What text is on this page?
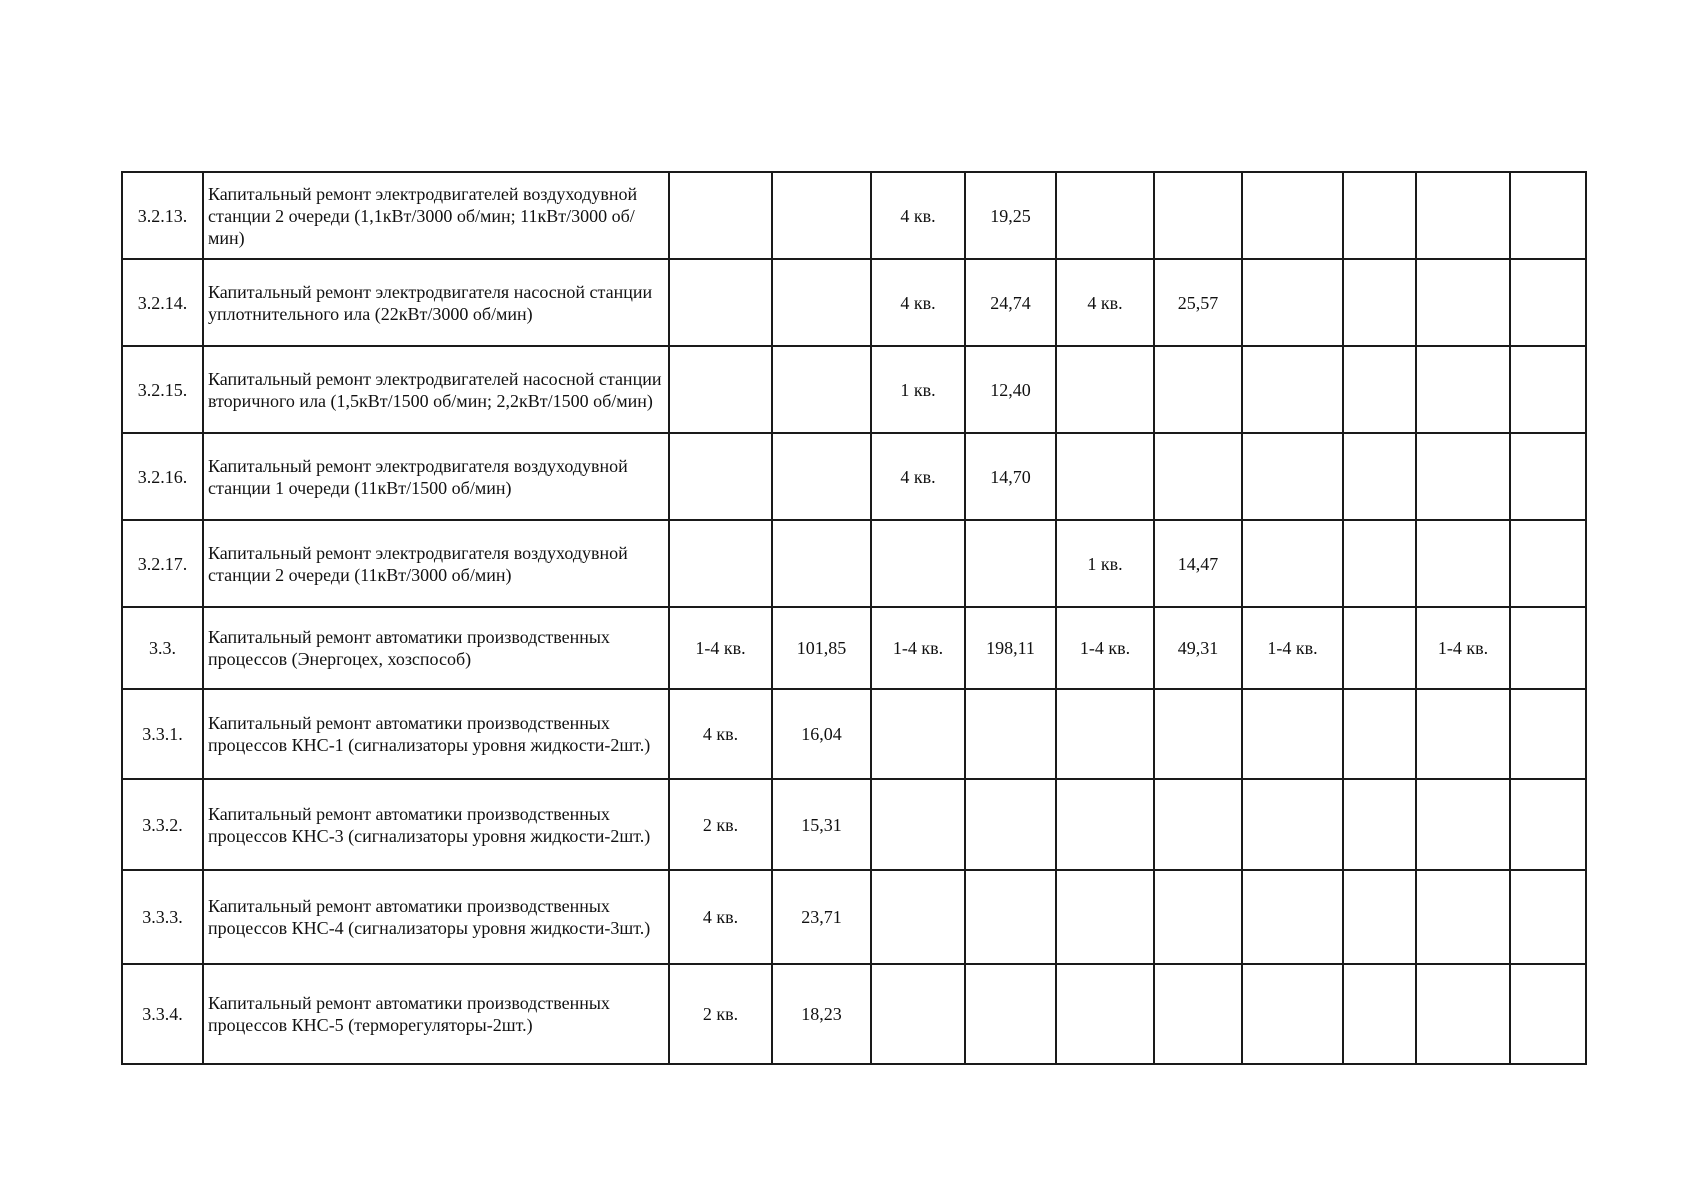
3.2.13.	Капитальный ремонт электродвигателей воздуходувной станции 2 очереди (1,1кВт/3000 об/мин; 11кВт/3000 об/мин)			4 кв.	19,25						
3.2.14.	Капитальный ремонт электродвигателя насосной станции уплотнительного ила (22кВт/3000 об/мин)			4 кв.	24,74	4 кв.	25,57				
3.2.15.	Капитальный ремонт электродвигателей насосной станции вторичного ила (1,5кВт/1500 об/мин; 2,2кВт/1500 об/мин)			1 кв.	12,40						
3.2.16.	Капитальный ремонт электродвигателя воздуходувной станции 1 очереди (11кВт/1500 об/мин)			4 кв.	14,70						
3.2.17.	Капитальный ремонт электродвигателя воздуходувной станции 2 очереди (11кВт/3000 об/мин)					1 кв.	14,47				
3.3.	Капитальный ремонт автоматики производственных процессов (Энергоцех, хозспособ)	1-4 кв.	101,85	1-4 кв.	198,11	1-4 кв.	49,31	1-4 кв.		1-4 кв.	
3.3.1.	Капитальный ремонт автоматики производственных процессов КНС-1 (сигнализаторы уровня жидкости-2шт.)	4 кв.	16,04								
3.3.2.	Капитальный ремонт автоматики производственных процессов КНС-3 (сигнализаторы уровня жидкости-2шт.)	2 кв.	15,31								
3.3.3.	Капитальный ремонт автоматики производственных процессов КНС-4 (сигнализаторы уровня жидкости-3шт.)	4 кв.	23,71								
3.3.4.	Капитальный ремонт автоматики производственных процессов КНС-5 (терморегуляторы-2шт.)	2 кв.	18,23								
